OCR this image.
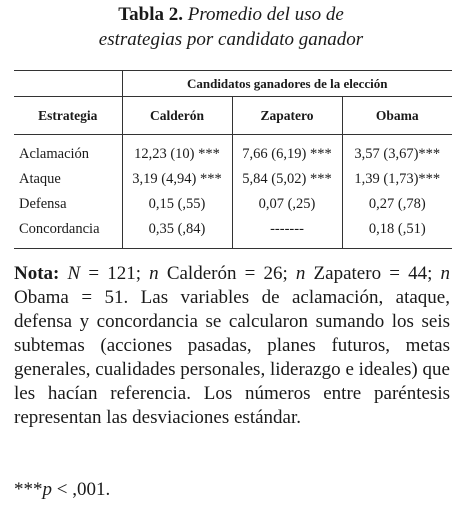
Tabla 2. Promedio del uso de
estrategias por candidato ganador
	Candidatos ganadores de la elección		
Estrategia	Calderón	Zapatero	Obama
Aclamación	12,23 (10) ***	7,66 (6,19) ***	3,57 (3,67)***
Ataque	3,19 (4,94) ***	5,84 (5,02) ***	1,39 (1,73)***
Defensa	0,15 (,55)	0,07 (,25)	0,27 (,78)
Concordancia	0,35 (,84)	-------	0,18 (,51)
Nota: N = 121; n Calderón = 26; n Zapatero = 44; n Obama = 51. Las variables de aclamación, ataque, defensa y concordancia se calcularon sumando los seis subtemas (acciones pasadas, planes futuros, metas generales, cualidades personales, liderazgo e ideales) que les hacían referencia. Los números entre paréntesis representan las desviaciones estándar.
***p < ,001.
